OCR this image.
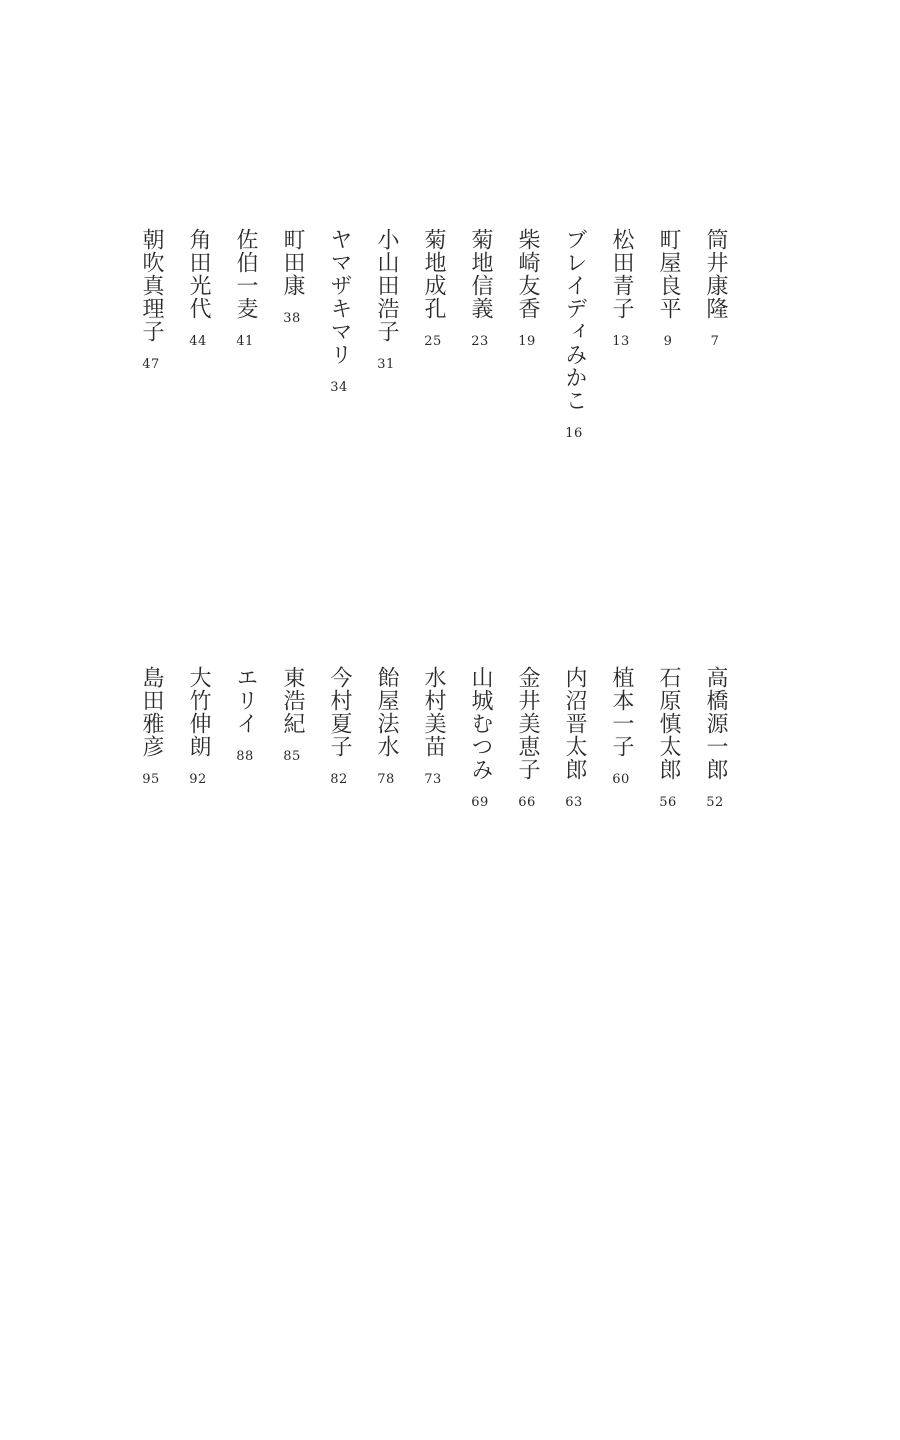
筒井康隆
7
町屋良平
9
松田青子
13
ブレイディみかこ
16
柴崎友香
19
菊地信義
23
菊地成孔
25
小山田浩子
31
ヤマザキマリ
34
町田康
38
佐伯一麦
41
角田光代
44
朝吹真理子
47
高橋源一郎
52
石原慎太郎
56
植本一子
60
内沼晋太郎
63
金井美恵子
66
山城むつみ
69
水村美苗
73
飴屋法水
78
今村夏子
82
東浩紀
85
エリイ
88
大竹伸朗
92
島田雅彦
95
